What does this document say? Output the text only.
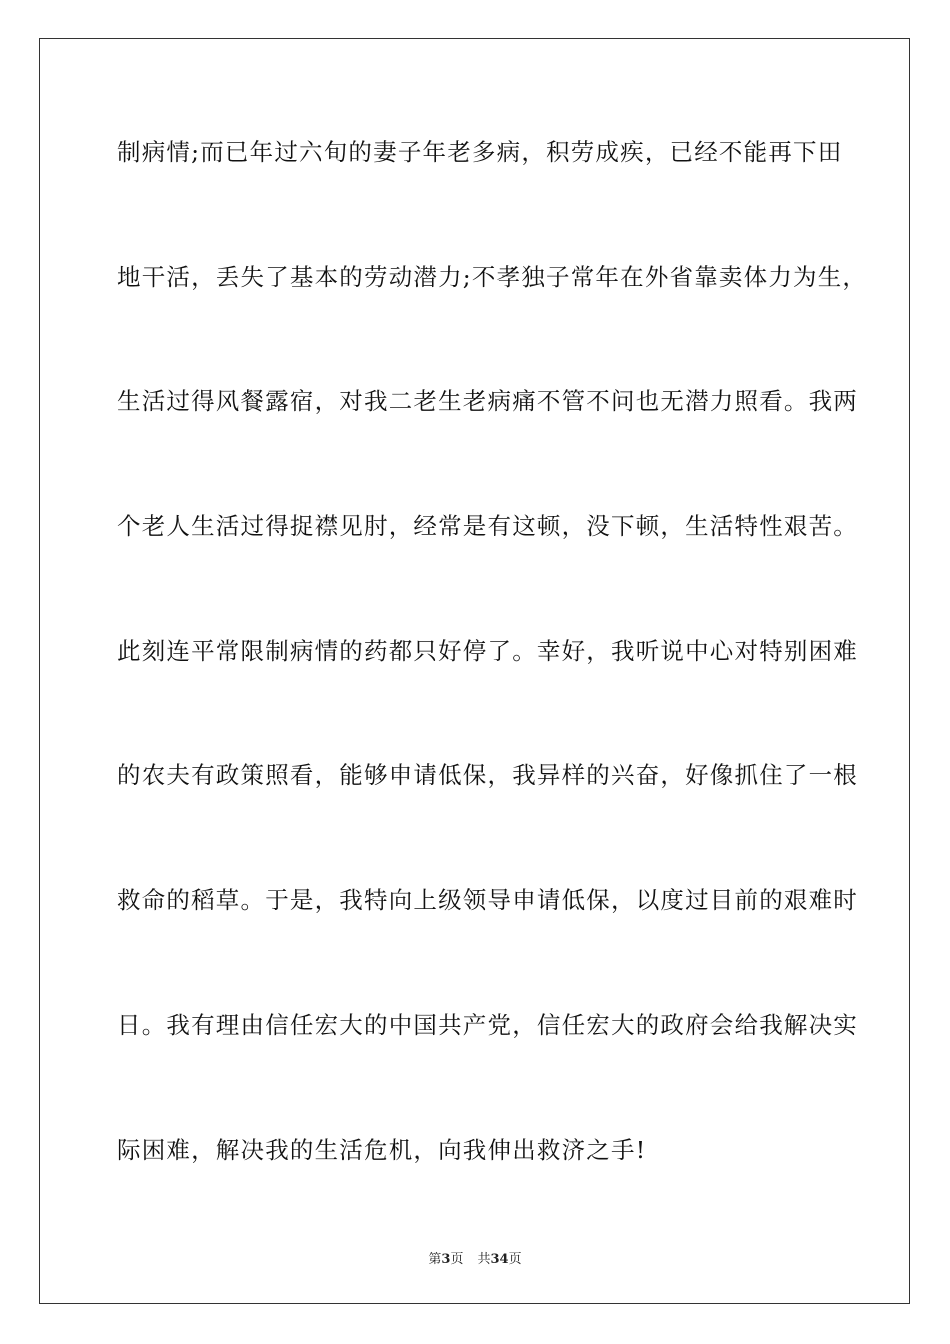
制病情;而已年过六旬的妻子年老多病，积劳成疾，已经不能再下田
地干活，丢失了基本的劳动潜力;不孝独子常年在外省靠卖体力为生，
生活过得风餐露宿，对我二老生老病痛不管不问也无潜力照看。我两
个老人生活过得捉襟见肘，经常是有这顿，没下顿，生活特性艰苦。
此刻连平常限制病情的药都只好停了。幸好，我听说中心对特别困难
的农夫有政策照看，能够申请低保，我异样的兴奋，好像抓住了一根
救命的稻草。于是，我特向上级领导申请低保，以度过目前的艰难时
日。我有理由信任宏大的中国共产党，信任宏大的政府会给我解决实
际困难，解决我的生活危机，向我伸出救济之手!
第3页 共34页
